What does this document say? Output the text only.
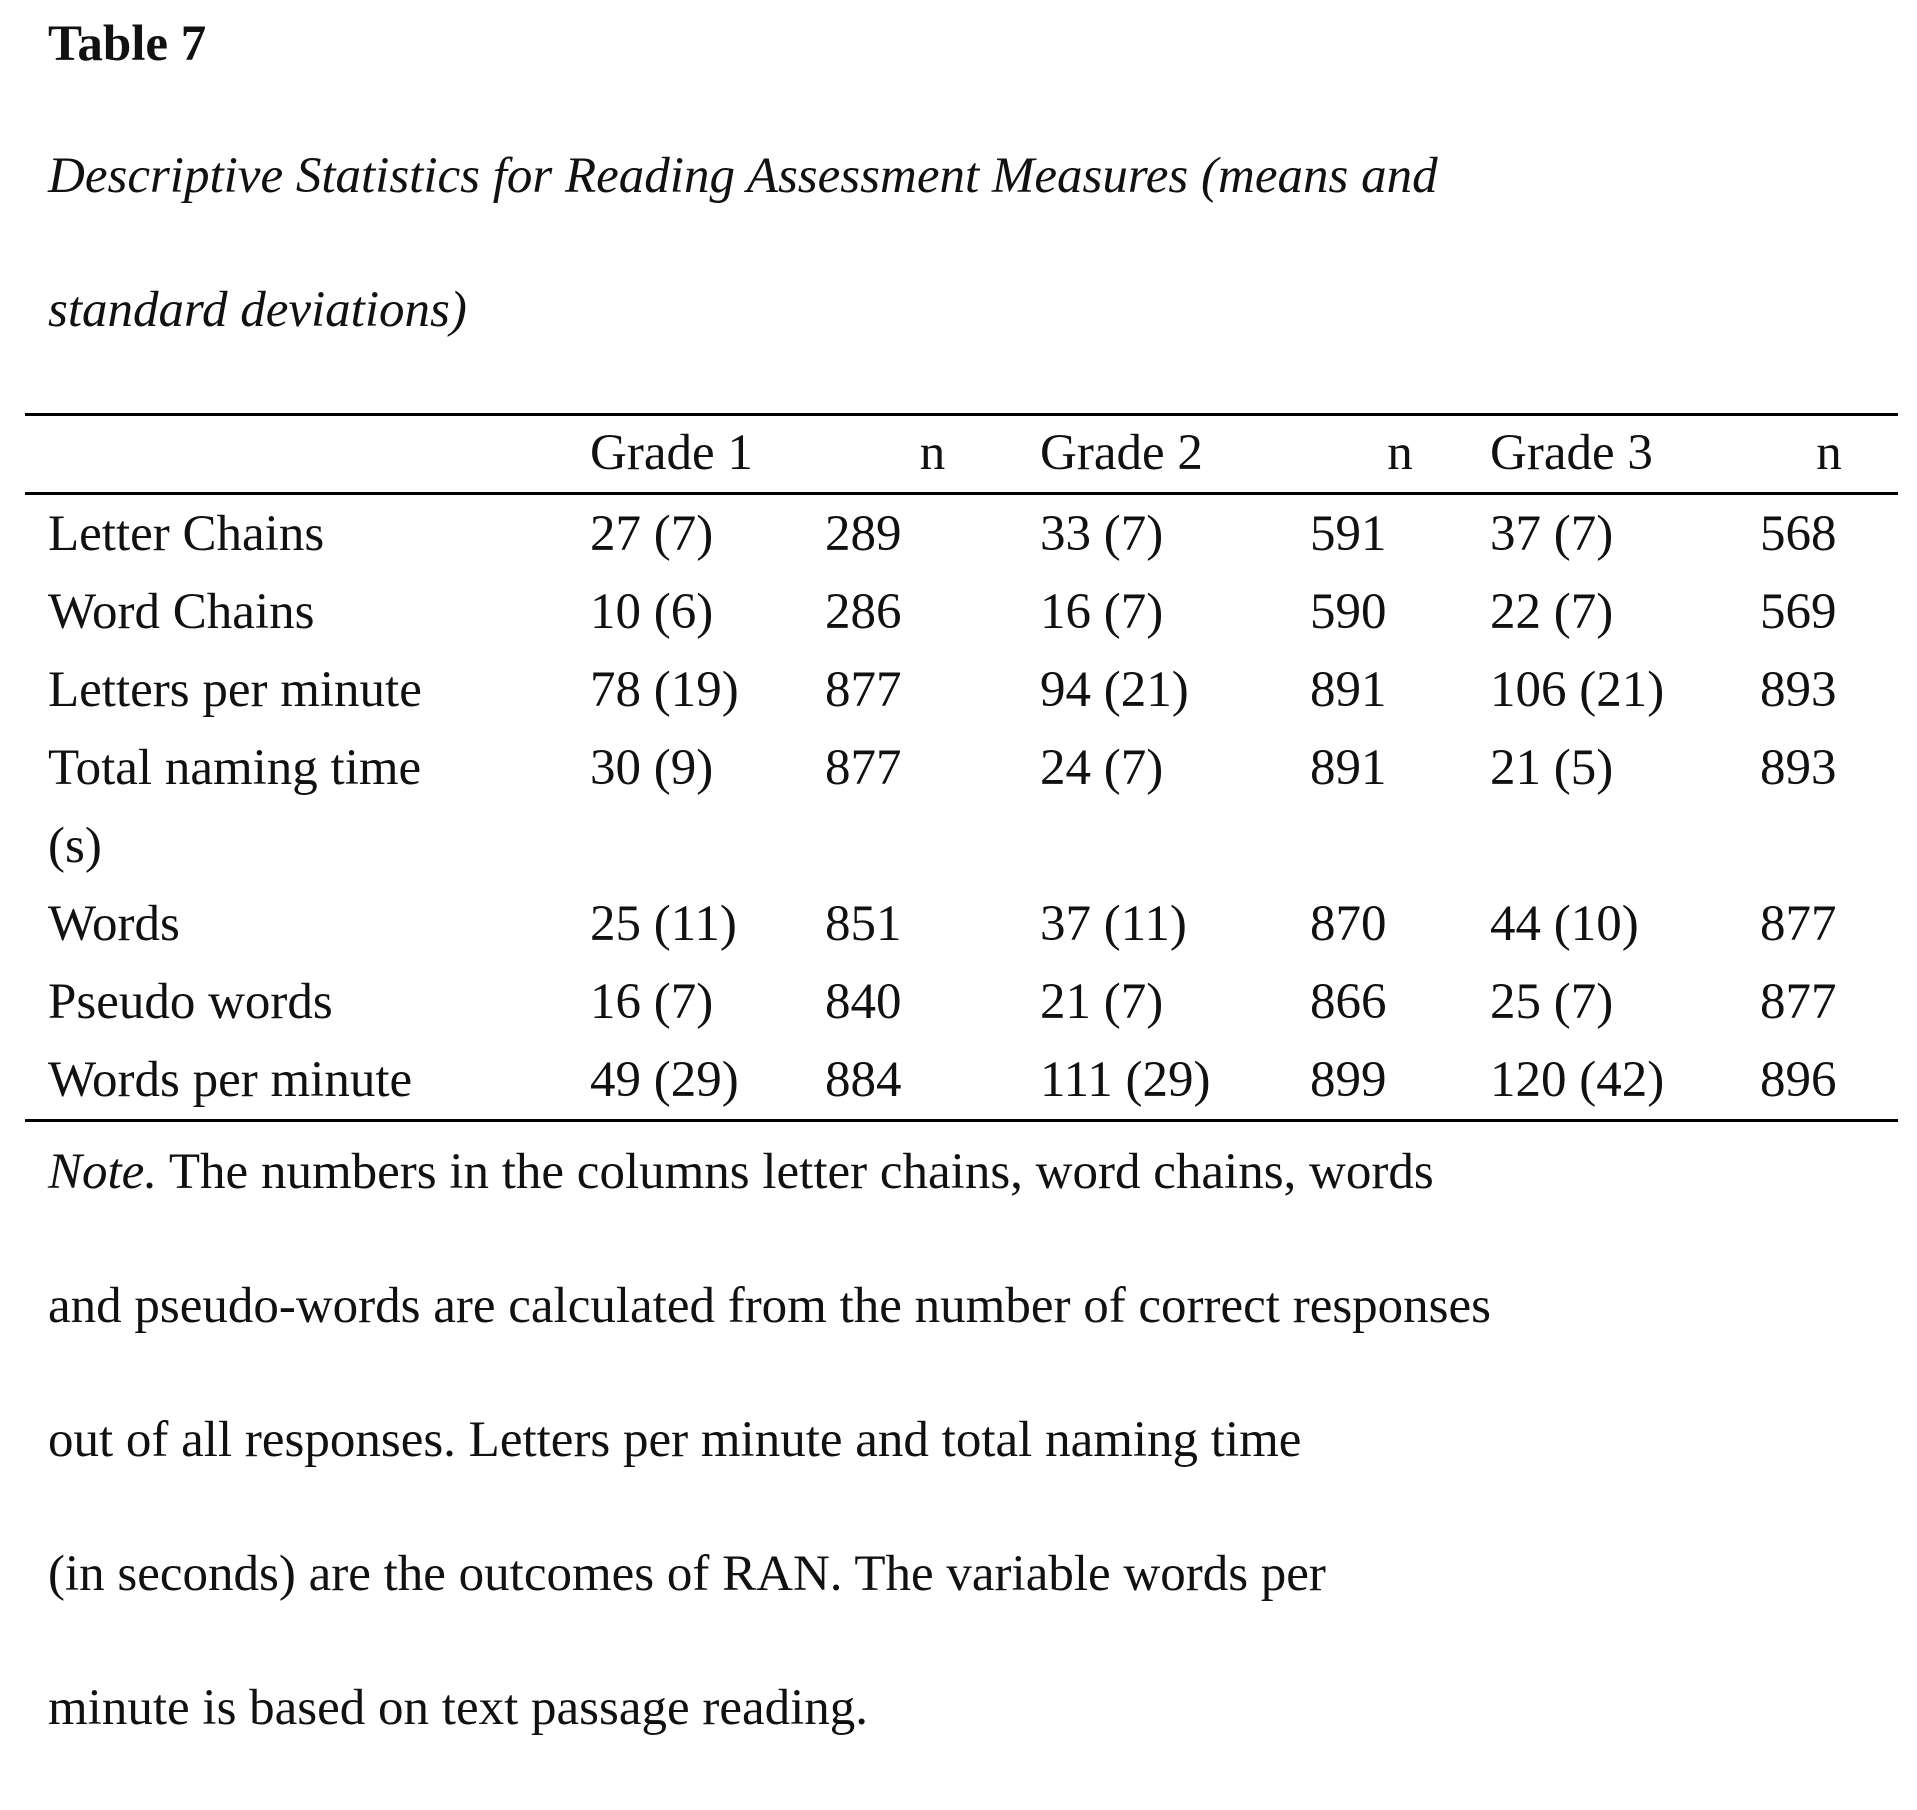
Table 7

Descriptive Statistics for Reading Assessment Measures (means and
standard deviations)

	Grade 1	n	Grade 2	n	Grade 3	n
Letter Chains	27 (7)	289	33 (7)	591	37 (7)	568
Word Chains	10 (6)	286	16 (7)	590	22 (7)	569
Letters per minute	78 (19)	877	94 (21)	891	106 (21)	893
Total naming time (s)	30 (9)	877	24 (7)	891	21 (5)	893
Words	25 (11)	851	37 (11)	870	44 (10)	877
Pseudo words	16 (7)	840	21 (7)	866	25 (7)	877
Words per minute	49 (29)	884	111 (29)	899	120 (42)	896

Note. The numbers in the columns letter chains, word chains, words
and pseudo-words are calculated from the number of correct responses
out of all responses. Letters per minute and total naming time
(in seconds) are the outcomes of RAN. The variable words per
minute is based on text passage reading.
